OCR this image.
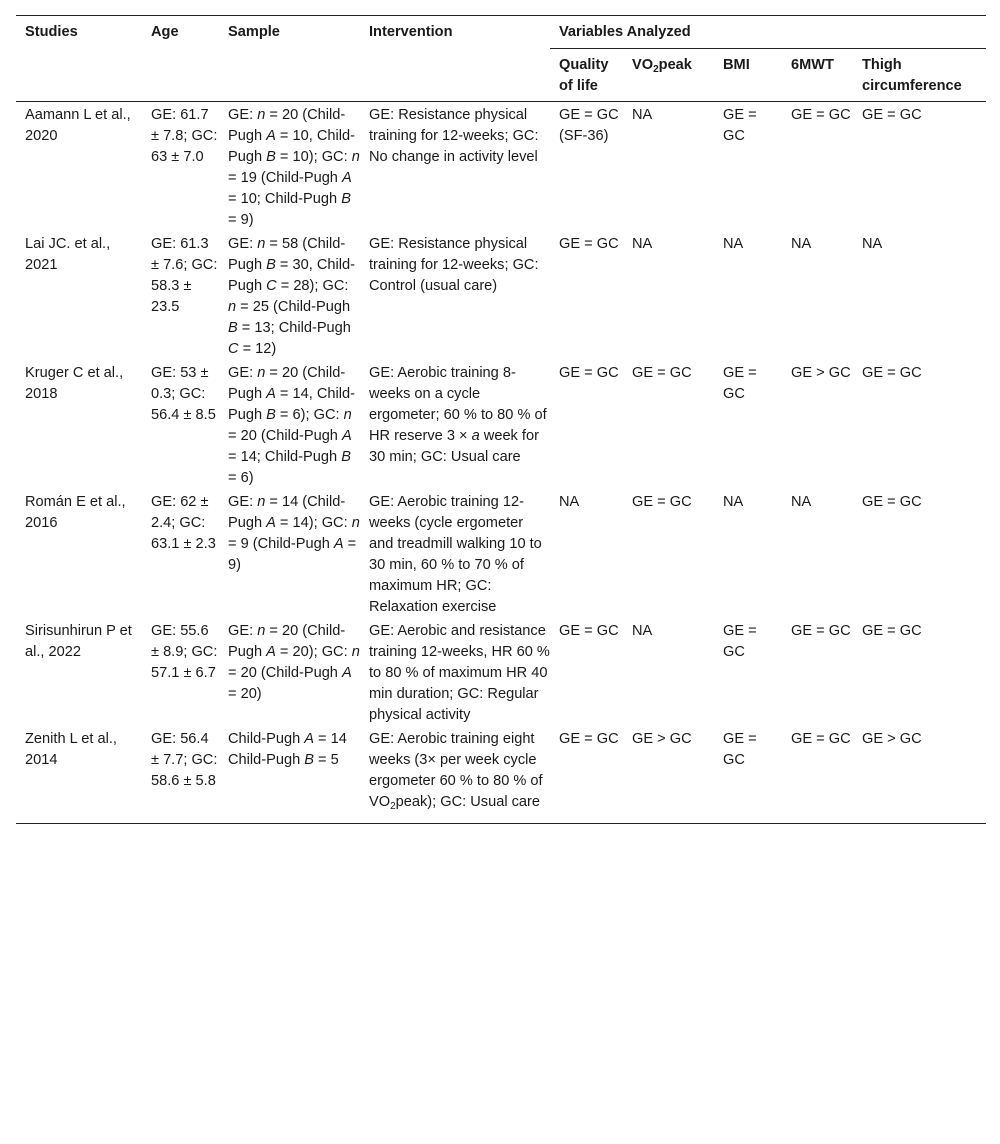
Studies	Age	Sample	Intervention	Variables Analyzed				
				Quality of life	$VO_2peak$	BMI	6MWT	Thigh circumference
Aamann L et al., 2020	GE: 61.7 ± 7.8; GC: 63 ± 7.0	GE: n = 20 (Child-Pugh A = 10, Child-Pugh B = 10); GC: n = 19 (Child-Pugh A = 10; Child-Pugh B = 9)	GE: Resistance physical training for 12-weeks; GC: No change in activity level	GE = GC (SF-36)	NA	GE = GC	GE = GC	GE = GC
Lai JC. et al., 2021	GE: 61.3 ± 7.6; GC: 58.3 ± 23.5	GE: n = 58 (Child-Pugh B = 30, Child-Pugh C = 28); GC: n = 25 (Child-Pugh B = 13; Child-Pugh C = 12)	GE: Resistance physical training for 12-weeks; GC: Control (usual care)	GE = GC	NA	NA	NA	NA
Kruger C et al., 2018	GE: 53 ± 0.3; GC: 56.4 ± 8.5	GE: n = 20 (Child-Pugh A = 14, Child-Pugh B = 6); GC: n = 20 (Child-Pugh A = 14; Child-Pugh B = 6)	GE: Aerobic training 8-weeks on a cycle ergometer; 60 % to 80 % of HR reserve 3 × a week for 30 min; GC: Usual care	GE = GC	GE = GC	GE = GC	GE > GC	GE = GC
Román E et al., 2016	GE: 62 ± 2.4; GC: 63.1 ± 2.3	GE: n = 14 (Child-Pugh A = 14); GC: n = 9 (Child-Pugh A = 9)	GE: Aerobic training 12-weeks (cycle ergometer and treadmill walking 10 to 30 min, 60 % to 70 % of maximum HR; GC: Relaxation exercise	NA	GE = GC	NA	NA	GE = GC
Sirisunhirun P et al., 2022	GE: 55.6 ± 8.9; GC: 57.1 ± 6.7	GE: n = 20 (Child-Pugh A = 20); GC: n = 20 (Child-Pugh A = 20)	GE: Aerobic and resistance training 12-weeks, HR 60 % to 80 % of maximum HR 40 min duration; GC: Regular physical activity	GE = GC	NA	GE = GC	GE = GC	GE = GC
Zenith L et al., 2014	GE: 56.4 ± 7.7; GC: 58.6 ± 5.8	Child-Pugh A = 14 Child-Pugh B = 5	GE: Aerobic training eight weeks (3× per week cycle ergometer 60 % to 80 % of $VO_2peak$); GC: Usual care	GE = GC	GE > GC	GE = GC	GE = GC	GE > GC
